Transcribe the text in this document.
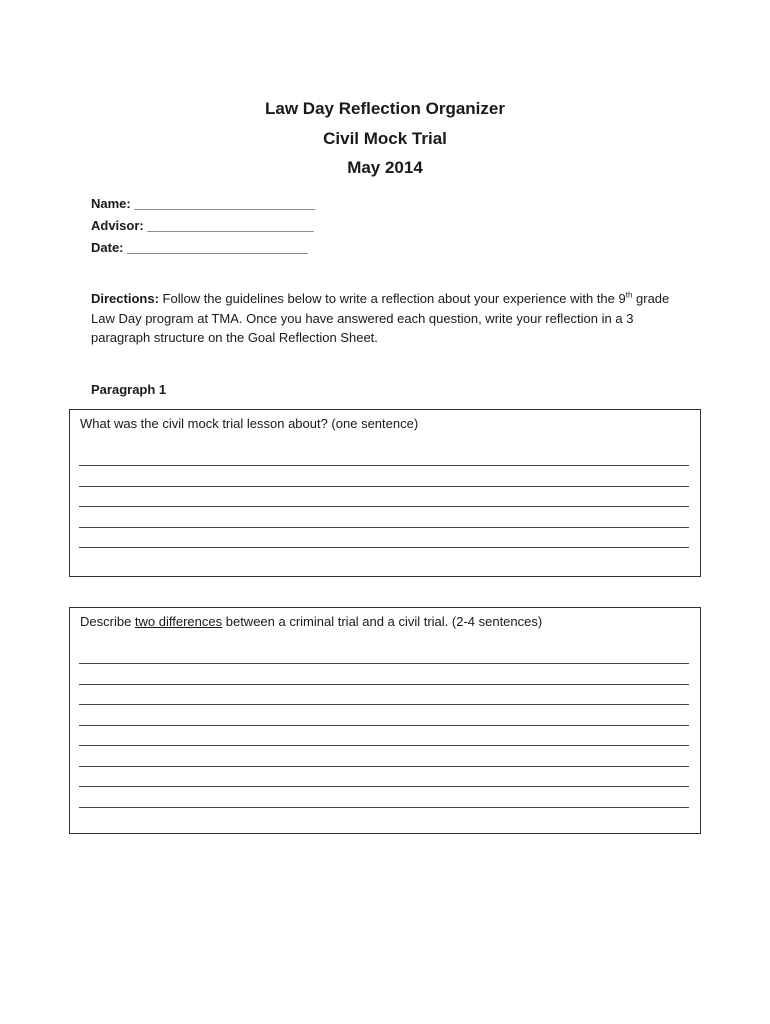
Law Day Reflection Organizer
Civil Mock Trial
May 2014
Name: _________________________
Advisor: _______________________
Date: _________________________
Directions: Follow the guidelines below to write a reflection about your experience with the 9th grade Law Day program at TMA. Once you have answered each question, write your reflection in a 3 paragraph structure on the Goal Reflection Sheet.
Paragraph 1
What was the civil mock trial lesson about? (one sentence)
Describe two differences between a criminal trial and a civil trial. (2-4 sentences)
